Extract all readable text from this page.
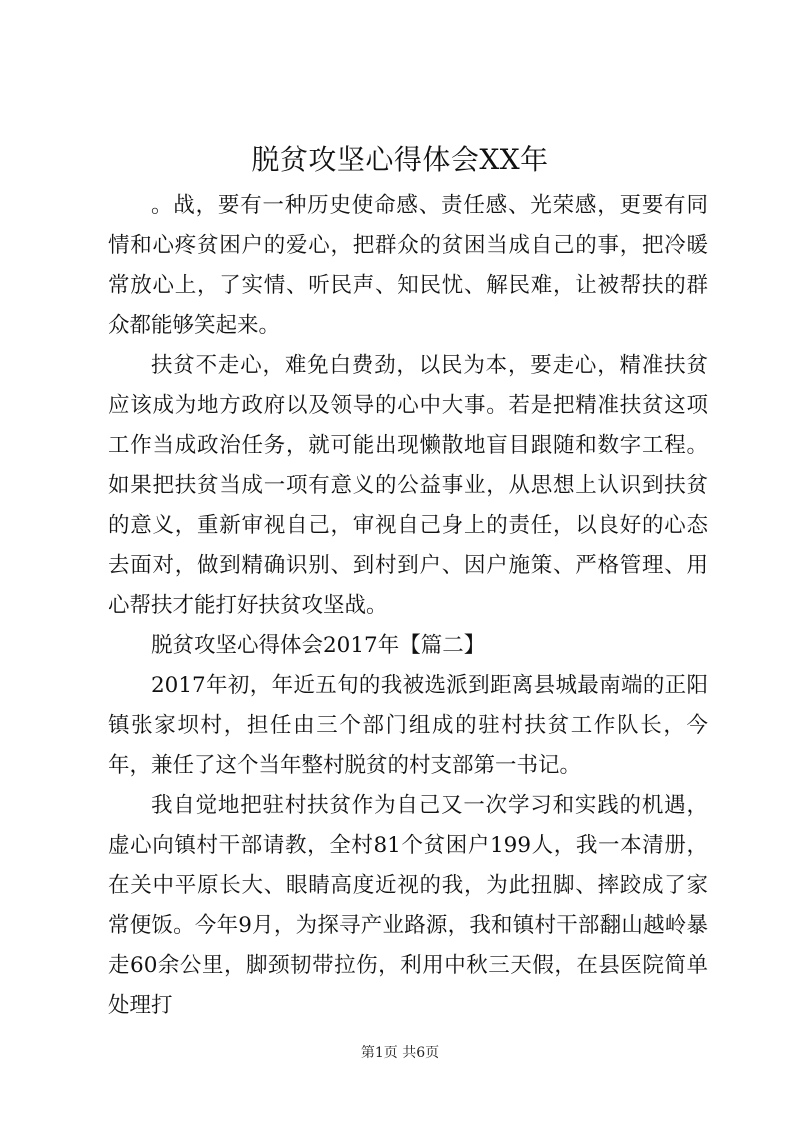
脱贫攻坚心得体会XX年

。战，要有一种历史使命感、责任感、光荣感，更要有同情和心疼贫困户的爱心，把群众的贫困当成自己的事，把冷暖常放心上，了实情、听民声、知民忧、解民难，让被帮扶的群众都能够笑起来。

扶贫不走心，难免白费劲，以民为本，要走心，精准扶贫应该成为地方政府以及领导的心中大事。若是把精准扶贫这项工作当成政治任务，就可能出现懒散地盲目跟随和数字工程。如果把扶贫当成一项有意义的公益事业，从思想上认识到扶贫的意义，重新审视自己，审视自己身上的责任，以良好的心态去面对，做到精确识别、到村到户、因户施策、严格管理、用心帮扶才能打好扶贫攻坚战。

脱贫攻坚心得体会2017年【篇二】

2017年初，年近五旬的我被选派到距离县城最南端的正阳镇张家坝村，担任由三个部门组成的驻村扶贫工作队长，今年，兼任了这个当年整村脱贫的村支部第一书记。

我自觉地把驻村扶贫作为自己又一次学习和实践的机遇，虚心向镇村干部请教，全村81个贫困户199人，我一本清册，在关中平原长大、眼睛高度近视的我，为此扭脚、摔跤成了家常便饭。今年9月，为探寻产业路源，我和镇村干部翻山越岭暴走60余公里，脚颈韧带拉伤，利用中秋三天假，在县医院简单处理打

第1页 共6页
